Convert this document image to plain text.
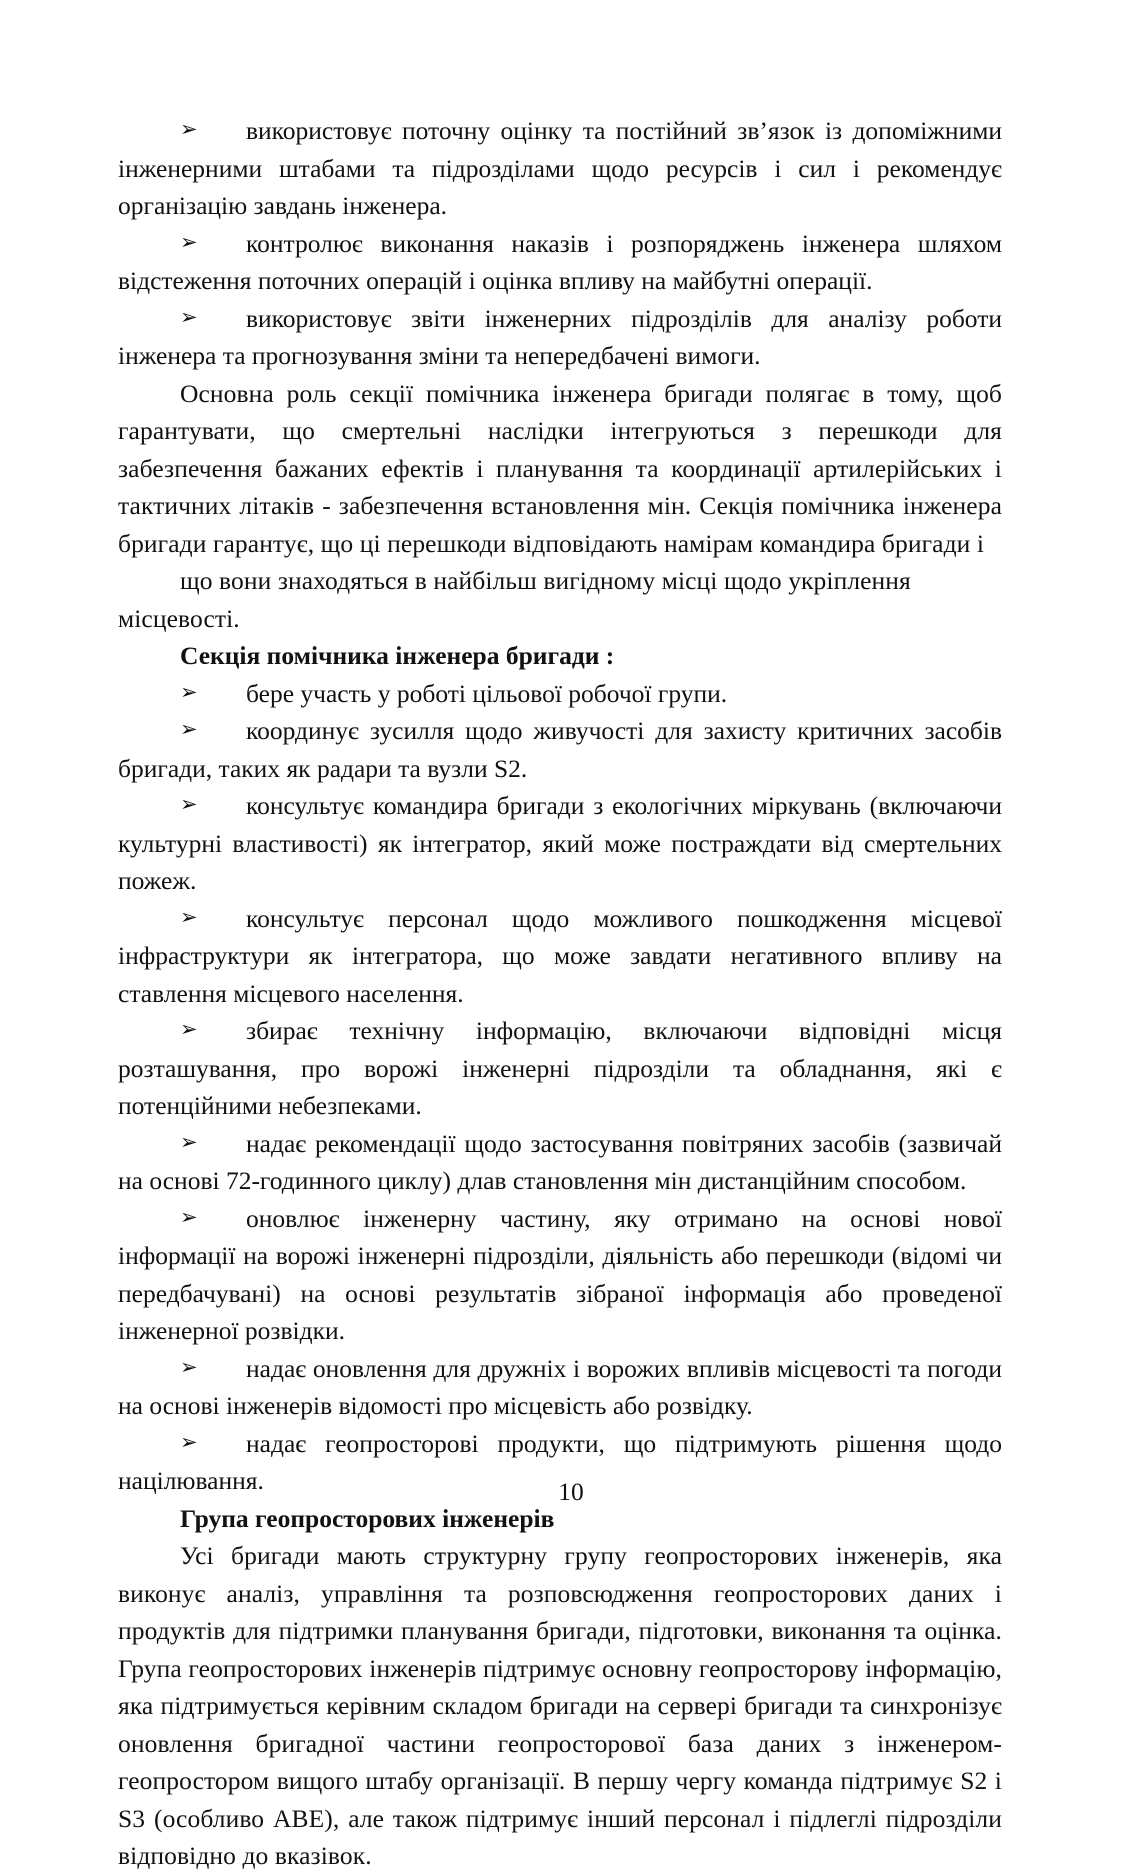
➢ використовує поточну оцінку та постійний зв’язок із допоміжними інженерними штабами та підрозділами щодо ресурсів і сил і рекомендує організацію завдань інженера.

➢ контролює виконання наказів і розпоряджень інженера шляхом відстеження поточних операцій і оцінка впливу на майбутні операції.

➢ використовує звіти інженерних підрозділів для аналізу роботи інженера та прогнозування зміни та непередбачені вимоги.

Основна роль секції помічника інженера бригади полягає в тому, щоб гарантувати, що смертельні наслідки інтегруються з перешкоди для забезпечення бажаних ефектів і планування та координації артилерійських і тактичних літаків - забезпечення встановлення мін. Секція помічника інженера бригади гарантує, що ці перешкоди відповідають намірам командира бригади і

що вони знаходяться в найбільш вигідному місці щодо укріплення місцевості.

Секція помічника інженера бригади :

➢ бере участь у роботі цільової робочої групи.

➢ координує зусилля щодо живучості для захисту критичних засобів бригади, таких як радари та вузли S2.

➢ консультує командира бригади з екологічних міркувань (включаючи культурні властивості) як інтегратор, який може постраждати від смертельних пожеж.

➢ консультує персонал щодо можливого пошкодження місцевої інфраструктури як інтегратора, що може завдати негативного впливу на ставлення місцевого населення.

➢ збирає технічну інформацію, включаючи відповідні місця розташування, про ворожі інженерні підрозділи та обладнання, які є потенційними небезпеками.

➢ надає рекомендації щодо застосування повітряних засобів (зазвичай на основі 72-годинного циклу) длав становлення мін дистанційним способом.

➢ оновлює інженерну частину, яку отримано на основі нової інформації на ворожі інженерні підрозділи, діяльність або перешкоди (відомі чи передбачувані) на основі результатів зібраної інформація або проведеної інженерної розвідки.

➢ надає оновлення для дружніх і ворожих впливів місцевості та погоди на основі інженерів відомості про місцевість або розвідку.

➢ надає геопросторові продукти, що підтримують рішення щодо націлювання.

Група геопросторових інженерів

Усі бригади мають структурну групу геопросторових інженерів, яка виконує аналіз, управління та розповсюдження геопросторових даних і продуктів для підтримки планування бригади, підготовки, виконання та оцінка. Група геопросторових інженерів підтримує основну геопросторову інформацію, яка підтримується керівним складом бригади на сервері бригади та синхронізує оновлення бригадної частини геопросторової база даних з інженером-геопростором вищого штабу організації. В першу чергу команда підтримує S2 і S3 (особливо ABE), але також підтримує інший персонал і підлеглі підрозділи відповідно до вказівок.

10
